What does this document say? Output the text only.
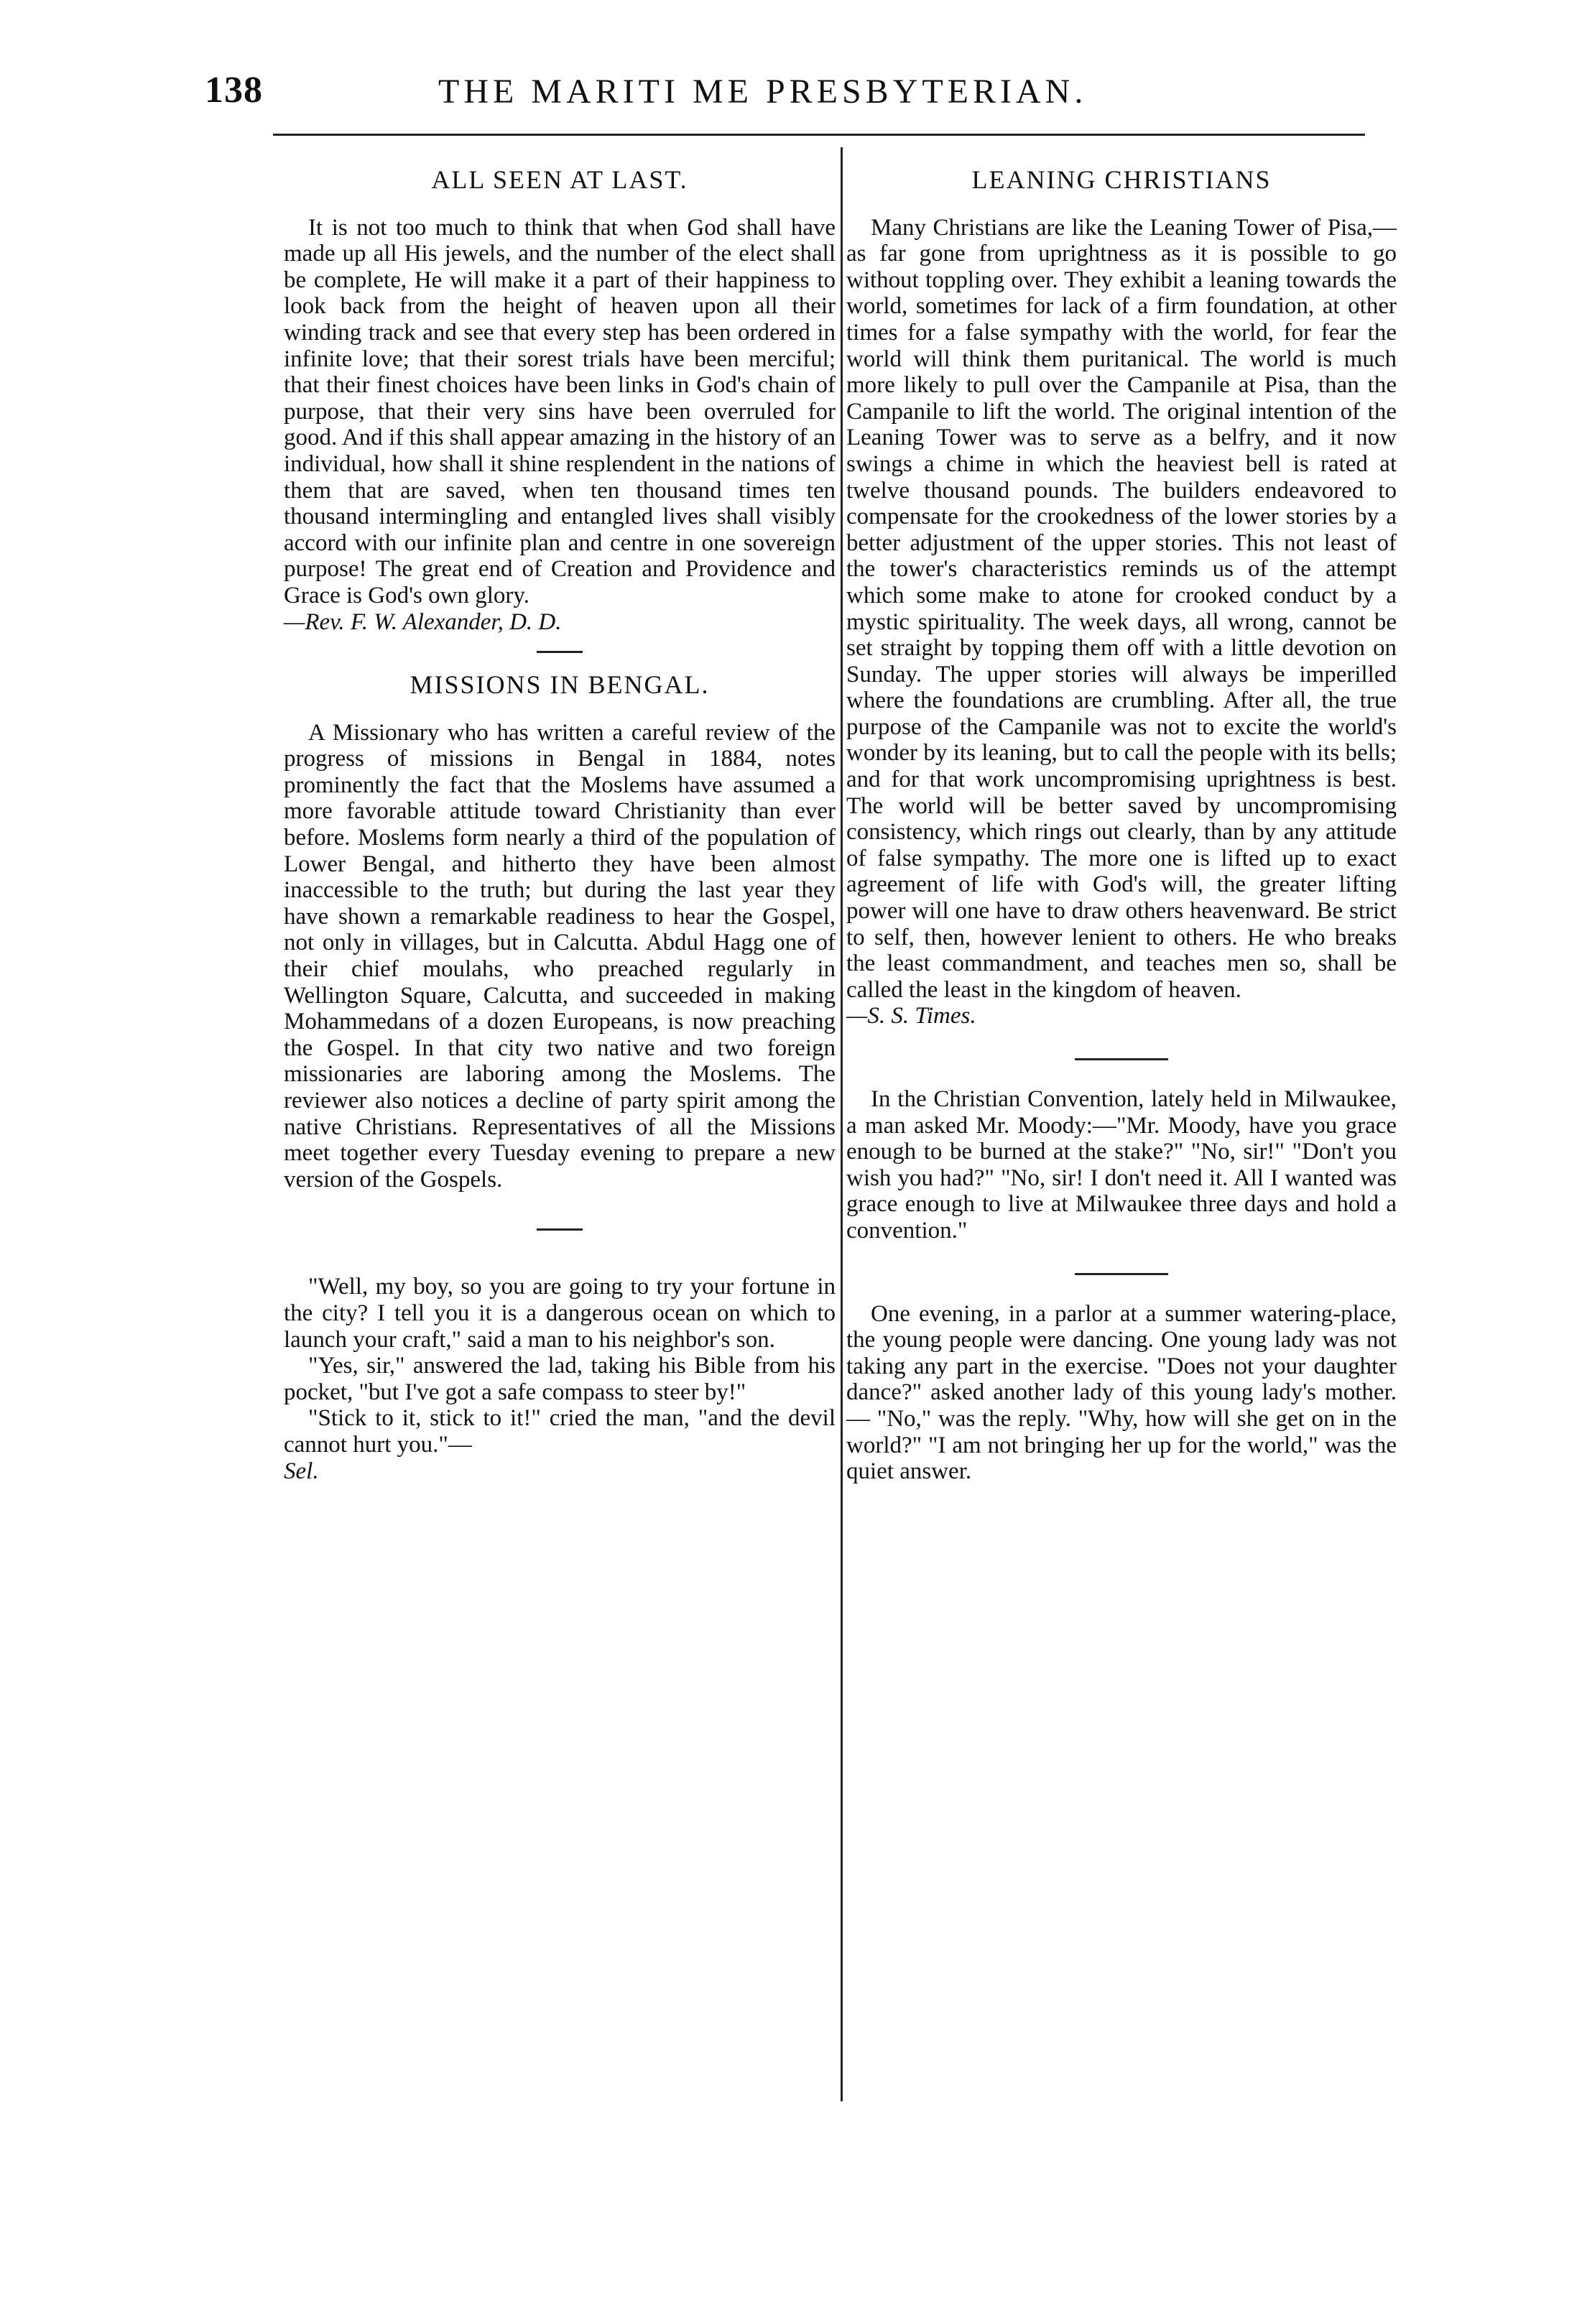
138	THE MARITI ME PRESBYTERIAN.
ALL SEEN AT LAST.

It is not too much to think that when God shall have made up all His jewels, and the number of the elect shall be complete, He will make it a part of their happiness to look back from the height of heaven upon all their winding track and see that every step has been ordered in infinite love; that their sorest trials have been merciful; that their finest choices have been links in God's chain of purpose, that their very sins have been overruled for good. And if this shall appear amazing in the history of an individual, how shall it shine resplendent in the nations of them that are saved, when ten thousand times ten thousand intermingling and entangled lives shall visibly accord with our infinite plan and centre in one sovereign purpose! The great end of Creation and Providence and Grace is God's own glory.

—Rev. F. W. Alexander, D. D.

MISSIONS IN BENGAL.

A Missionary who has written a careful review of the progress of missions in Bengal in 1884, notes prominently the fact that the Moslems have assumed a more favorable attitude toward Christianity than ever before. Moslems form nearly a third of the population of Lower Bengal, and hitherto they have been almost inaccessible to the truth; but during the last year they have shown a remarkable readiness to hear the Gospel, not only in villages, but in Calcutta. Abdul Hagg one of their chief moulahs, who preached regularly in Wellington Square, Calcutta, and succeeded in making Mohammedans of a dozen Europeans, is now preaching the Gospel. In that city two native and two foreign missionaries are laboring among the Moslems. The reviewer also notices a decline of party spirit among the native Christians. Representatives of all the Missions meet together every Tuesday evening to prepare a new version of the Gospels.

"Well, my boy, so you are going to try your fortune in the city? I tell you it is a dangerous ocean on which to launch your craft," said a man to his neighbor's son.

"Yes, sir," answered the lad, taking his Bible from his pocket, "but I've got a safe compass to steer by!"

"Stick to it, stick to it!" cried the man, "and the devil cannot hurt you."—

Sel.

LEANING CHRISTIANS

Many Christians are like the Leaning Tower of Pisa,—as far gone from uprightness as it is possible to go without toppling over. They exhibit a leaning towards the world, sometimes for lack of a firm foundation, at other times for a false sympathy with the world, for fear the world will think them puritanical. The world is much more likely to pull over the Campanile at Pisa, than the Campanile to lift the world. The original intention of the Leaning Tower was to serve as a belfry, and it now swings a chime in which the heaviest bell is rated at twelve thousand pounds. The builders endeavored to compensate for the crookedness of the lower stories by a better adjustment of the upper stories. This not least of the tower's characteristics reminds us of the attempt which some make to atone for crooked conduct by a mystic spirituality. The week days, all wrong, cannot be set straight by topping them off with a little devotion on Sunday. The upper stories will always be imperilled where the foundations are crumbling. After all, the true purpose of the Campanile was not to excite the world's wonder by its leaning, but to call the people with its bells; and for that work uncompromising uprightness is best. The world will be better saved by uncompromising consistency, which rings out clearly, than by any attitude of false sympathy. The more one is lifted up to exact agreement of life with God's will, the greater lifting power will one have to draw others heavenward. Be strict to self, then, however lenient to others. He who breaks the least commandment, and teaches men so, shall be called the least in the kingdom of heaven.

—S. S. Times.

In the Christian Convention, lately held in Milwaukee, a man asked Mr. Moody:—"Mr. Moody, have you grace enough to be burned at the stake?" "No, sir!" "Don't you wish you had?" "No, sir! I don't need it. All I wanted was grace enough to live at Milwaukee three days and hold a convention."

One evening, in a parlor at a summer watering-place, the young people were dancing. One young lady was not taking any part in the exercise. "Does not your daughter dance?" asked another lady of this young lady's mother.— "No," was the reply. "Why, how will she get on in the world?" "I am not bringing her up for the world," was the quiet answer.
